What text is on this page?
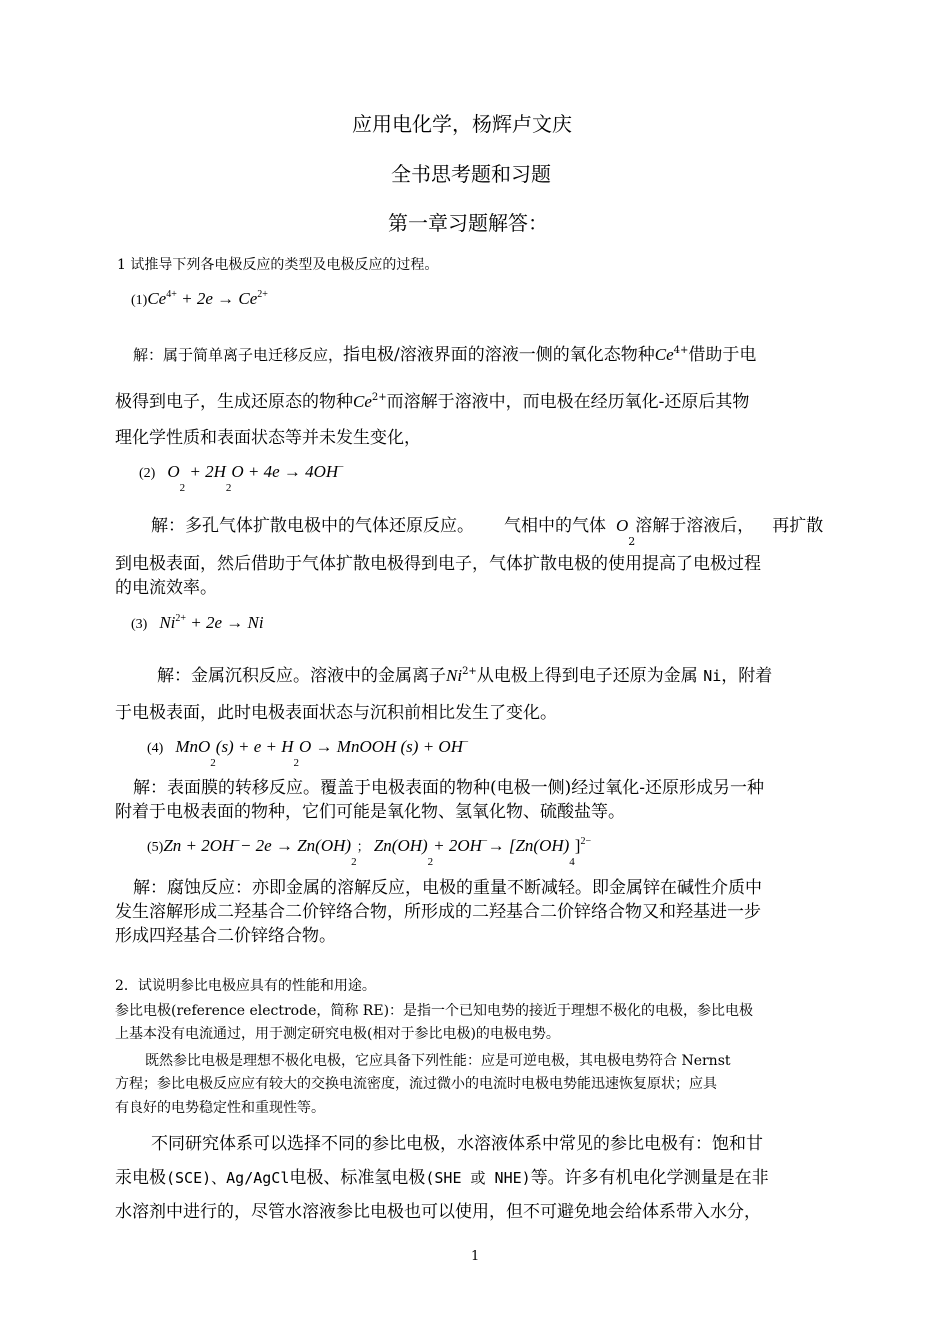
应用电化学，杨辉卢文庆
全书思考题和习题
第一章习题解答：
1 试推导下列各电极反应的类型及电极反应的过程。
$(1)Ce^{4+} + 2e \to Ce^{2+}$
解：属于简单离子电迁移反应，指电极/溶液界面的溶液一侧的氧化态物种$Ce^{4+}$借助于电
极得到电子，生成还原态的物种$Ce^{2+}$而溶解于溶液中，而电极在经历氧化-还原后其物
理化学性质和表面状态等并未发生变化，
(2) $O_2 + 2H_2O + 4e \to 4OH^-$
解：多孔气体扩散电极中的气体还原反应。 气相中的气体 $O_2$溶解于溶液后， 再扩散
到电极表面，然后借助于气体扩散电极得到电子，气体扩散电极的使用提高了电极过程
的电流效率。
(3) $Ni^{2+} + 2e \to Ni$
解：金属沉积反应。溶液中的金属离子$Ni^{2+}$从电极上得到电子还原为金属 Ni，附着
于电极表面，此时电极表面状态与沉积前相比发生了变化。
(4) $MnO_2(s) + e + H_2O$ → MnOOH (s) + OH−
解：表面膜的转移反应。覆盖于电极表面的物种(电极一侧)经过氧化-还原形成另一种
附着于电极表面的物种，它们可能是氧化物、氢氧化物、硫酸盐等。
$(5)Zn + 2OH^-- 2e \to Zn(OH)_2$； $Zn(OH)_2+ 2OH^-\to [Zn(OH)_4]^{2-}$
解：腐蚀反应：亦即金属的溶解反应，电极的重量不断减轻。即金属锌在碱性介质中
发生溶解形成二羟基合二价锌络合物，所形成的二羟基合二价锌络合物又和羟基进一步
形成四羟基合二价锌络合物。
2．试说明参比电极应具有的性能和用途。
参比电极(reference electrode，简称 RE)：是指一个已知电势的接近于理想不极化的电极，参比电极
上基本没有电流通过，用于测定研究电极(相对于参比电极)的电极电势。
既然参比电极是理想不极化电极，它应具备下列性能：应是可逆电极，其电极电势符合 Nernst
方程；参比电极反应应有较大的交换电流密度，流过微小的电流时电极电势能迅速恢复原状；应具
有良好的电势稳定性和重现性等。
不同研究体系可以选择不同的参比电极，水溶液体系中常见的参比电极有：饱和甘
汞电极(SCE)、Ag/AgCl电极、标准氢电极(SHE 或 NHE)等。许多有机电化学测量是在非
水溶剂中进行的，尽管水溶液参比电极也可以使用，但不可避免地会给体系带入水分，
1
